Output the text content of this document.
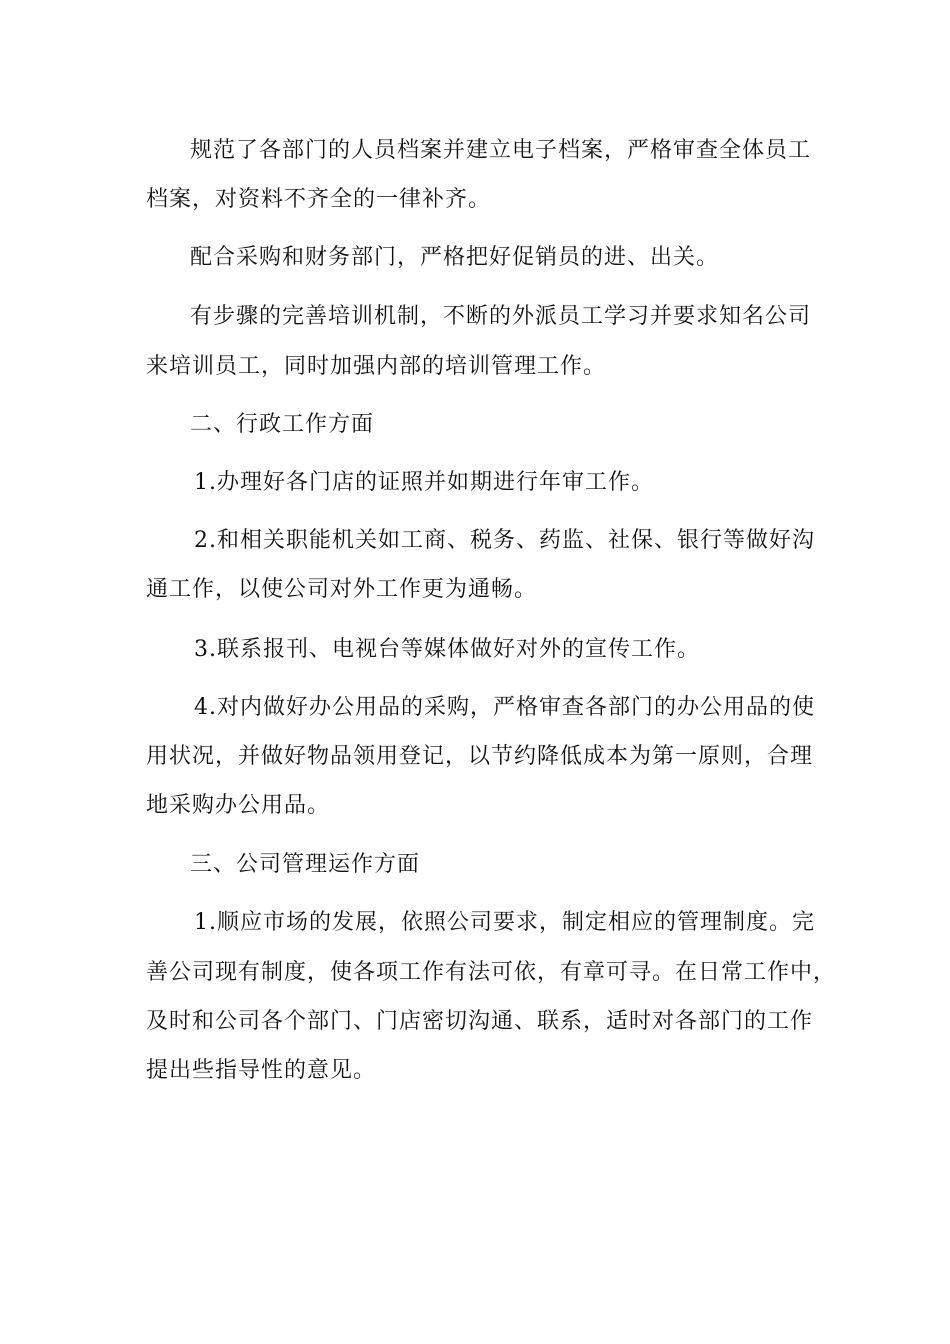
规范了各部门的人员档案并建立电子档案，严格审查全体员工
档案，对资料不齐全的一律补齐。
配合采购和财务部门，严格把好促销员的进、出关。
有步骤的完善培训机制，不断的外派员工学习并要求知名公司
来培训员工，同时加强内部的培训管理工作。
二、行政工作方面
1.办理好各门店的证照并如期进行年审工作。
2.和相关职能机关如工商、税务、药监、社保、银行等做好沟
通工作，以使公司对外工作更为通畅。
3.联系报刊、电视台等媒体做好对外的宣传工作。
4.对内做好办公用品的采购，严格审查各部门的办公用品的使
用状况，并做好物品领用登记，以节约降低成本为第一原则，合理
地采购办公用品。
三、公司管理运作方面
1.顺应市场的发展，依照公司要求，制定相应的管理制度。完
善公司现有制度，使各项工作有法可依，有章可寻。在日常工作中，
及时和公司各个部门、门店密切沟通、联系，适时对各部门的工作
提出些指导性的意见。
